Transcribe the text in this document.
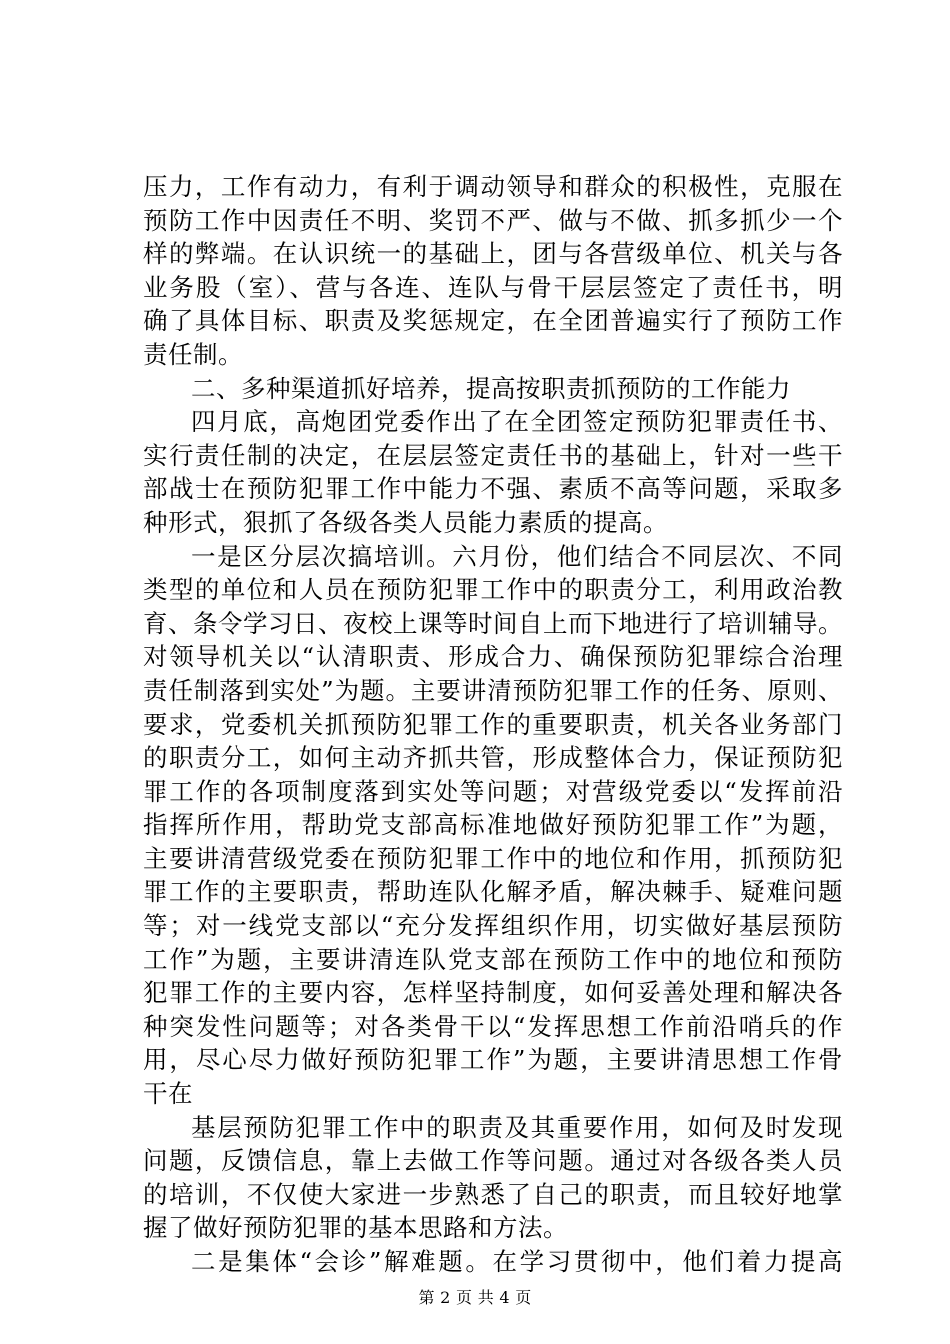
压力，工作有动力，有利于调动领导和群众的积极性，克服在
预防工作中因责任不明、奖罚不严、做与不做、抓多抓少一个
样的弊端。在认识统一的基础上，团与各营级单位、机关与各
业务股（室）、营与各连、连队与骨干层层签定了责任书，明
确了具体目标、职责及奖惩规定，在全团普遍实行了预防工作
责任制。
二、多种渠道抓好培养，提高按职责抓预防的工作能力
四月底，高炮团党委作出了在全团签定预防犯罪责任书、
实行责任制的决定，在层层签定责任书的基础上，针对一些干
部战士在预防犯罪工作中能力不强、素质不高等问题，采取多
种形式，狠抓了各级各类人员能力素质的提高。
一是区分层次搞培训。六月份，他们结合不同层次、不同
类型的单位和人员在预防犯罪工作中的职责分工，利用政治教
育、条令学习日、夜校上课等时间自上而下地进行了培训辅导。
对领导机关以“认清职责、形成合力、确保预防犯罪综合治理
责任制落到实处”为题。主要讲清预防犯罪工作的任务、原则、
要求，党委机关抓预防犯罪工作的重要职责，机关各业务部门
的职责分工，如何主动齐抓共管，形成整体合力，保证预防犯
罪工作的各项制度落到实处等问题；对营级党委以“发挥前沿
指挥所作用，帮助党支部高标准地做好预防犯罪工作”为题，
主要讲清营级党委在预防犯罪工作中的地位和作用，抓预防犯
罪工作的主要职责，帮助连队化解矛盾，解决棘手、疑难问题
等；对一线党支部以“充分发挥组织作用，切实做好基层预防
工作”为题，主要讲清连队党支部在预防工作中的地位和预防
犯罪工作的主要内容，怎样坚持制度，如何妥善处理和解决各
种突发性问题等；对各类骨干以“发挥思想工作前沿哨兵的作
用，尽心尽力做好预防犯罪工作”为题，主要讲清思想工作骨
干在
基层预防犯罪工作中的职责及其重要作用，如何及时发现
问题，反馈信息，靠上去做工作等问题。通过对各级各类人员
的培训，不仅使大家进一步熟悉了自己的职责，而且较好地掌
握了做好预防犯罪的基本思路和方法。
二是集体“会诊”解难题。在学习贯彻中，他们着力提高
第 2 页 共 4 页
